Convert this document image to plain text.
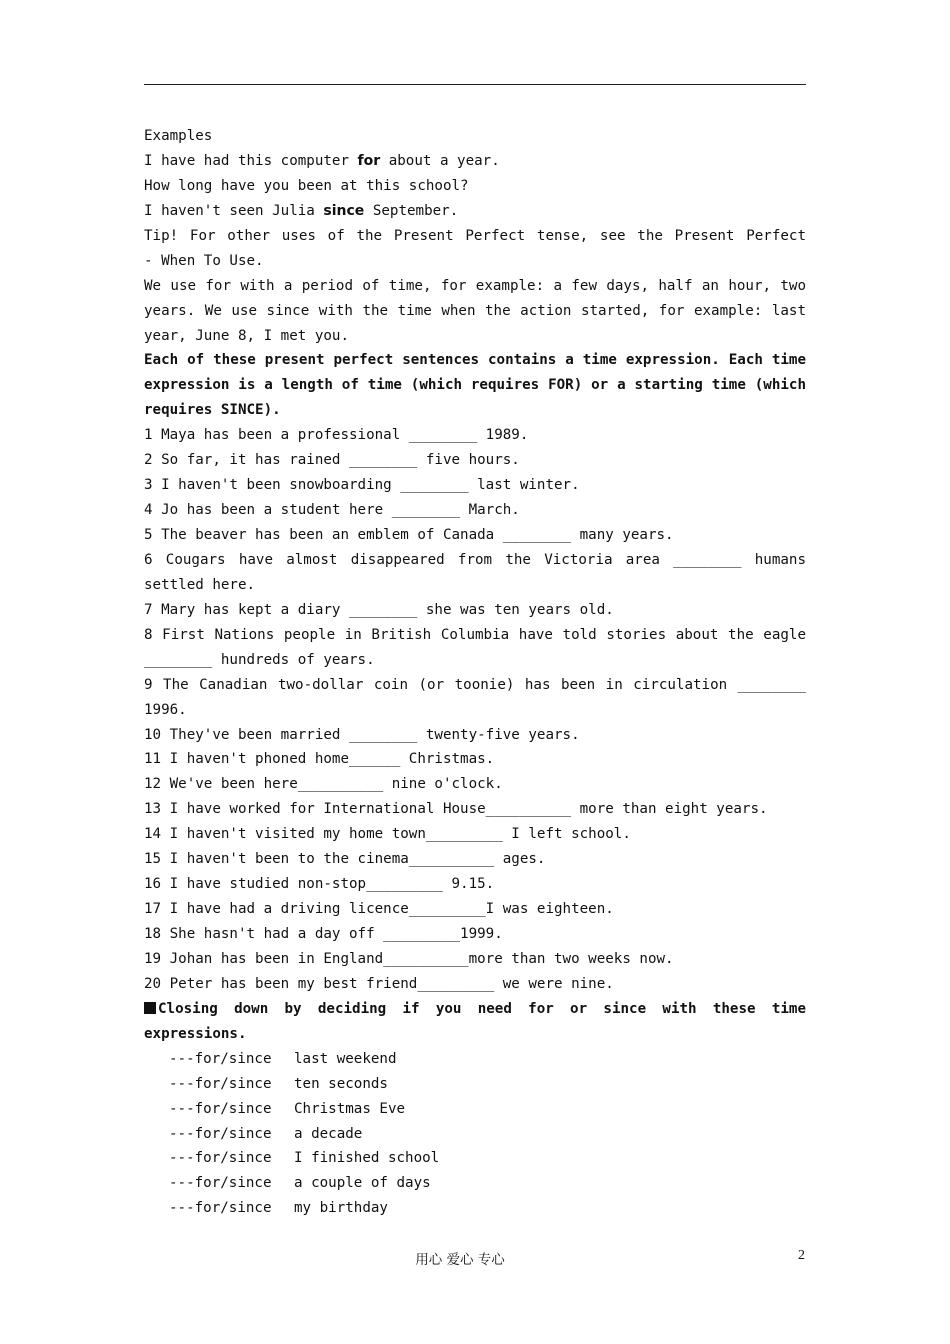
Examples
I have had this computer for about a year.
How long have you been at this school?
I haven't seen Julia since September.
Tip! For other uses of the Present Perfect tense, see the Present Perfect
- When To Use.
We use for with a period of time, for example: a few days, half an hour, two
years. We use since with the time when the action started, for example: last
year, June 8, I met you.
Each of these present perfect sentences contains a time expression. Each time
expression is a length of time (which requires FOR) or a starting time (which
requires SINCE).
1 Maya has been a professional ________ 1989.
2 So far, it has rained ________ five hours.
3 I haven't been snowboarding ________ last winter.
4 Jo has been a student here ________ March.
5 The beaver has been an emblem of Canada ________ many years.
6 Cougars have almost disappeared from the Victoria area ________ humans
settled here.
7 Mary has kept a diary ________ she was ten years old.
8 First Nations people in British Columbia have told stories about the eagle
________ hundreds of years.
9 The Canadian two-dollar coin (or toonie) has been in circulation ________
1996.
10 They've been married ________ twenty-five years.
11 I haven't phoned home______ Christmas.
12 We've been here__________ nine o'clock.
13 I have worked for International House__________ more than eight years.
14 I haven't visited my home town_________ I left school.
15 I haven't been to the cinema__________ ages.
16 I have studied non-stop_________ 9.15.
17 I have had a driving licence_________I was eighteen.
18 She hasn't had a day off _________1999.
19 Johan has been in England__________more than two weeks now.
20 Peter has been my best friend_________ we were nine.
Closing down by deciding if you need for or since with these time
expressions.
---for/since last weekend
---for/since ten seconds
---for/since Christmas Eve
---for/since a decade
---for/since I finished school
---for/since a couple of days
---for/since my birthday
用心 爱心 专心	2
